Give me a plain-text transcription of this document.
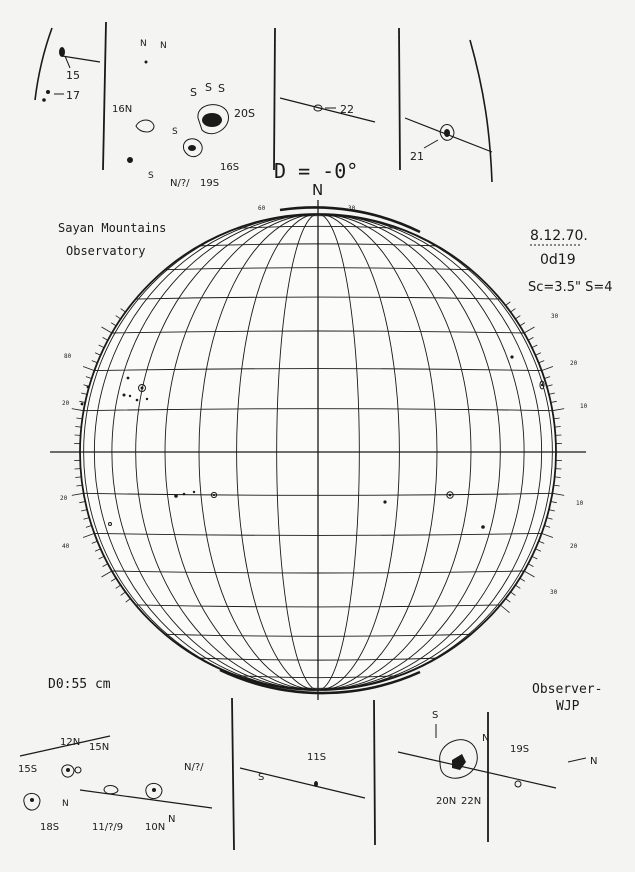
15
17
N N
S S S
20S
16N
S
S
16S
N/?/ 19S
22
21
D = -0°
N
Sayan Mountains
Observatory
8.12.70.
0d19
Sc=3.5" S=4
80
20
20
40
30
20
10
10
20
30
60	30
D0:55 cm	Observer-
WJP
12N 15N
15S
N
18S	11/?/9 10N
N
N/?/
S
11S
S
N
20N 22N
19S
N
